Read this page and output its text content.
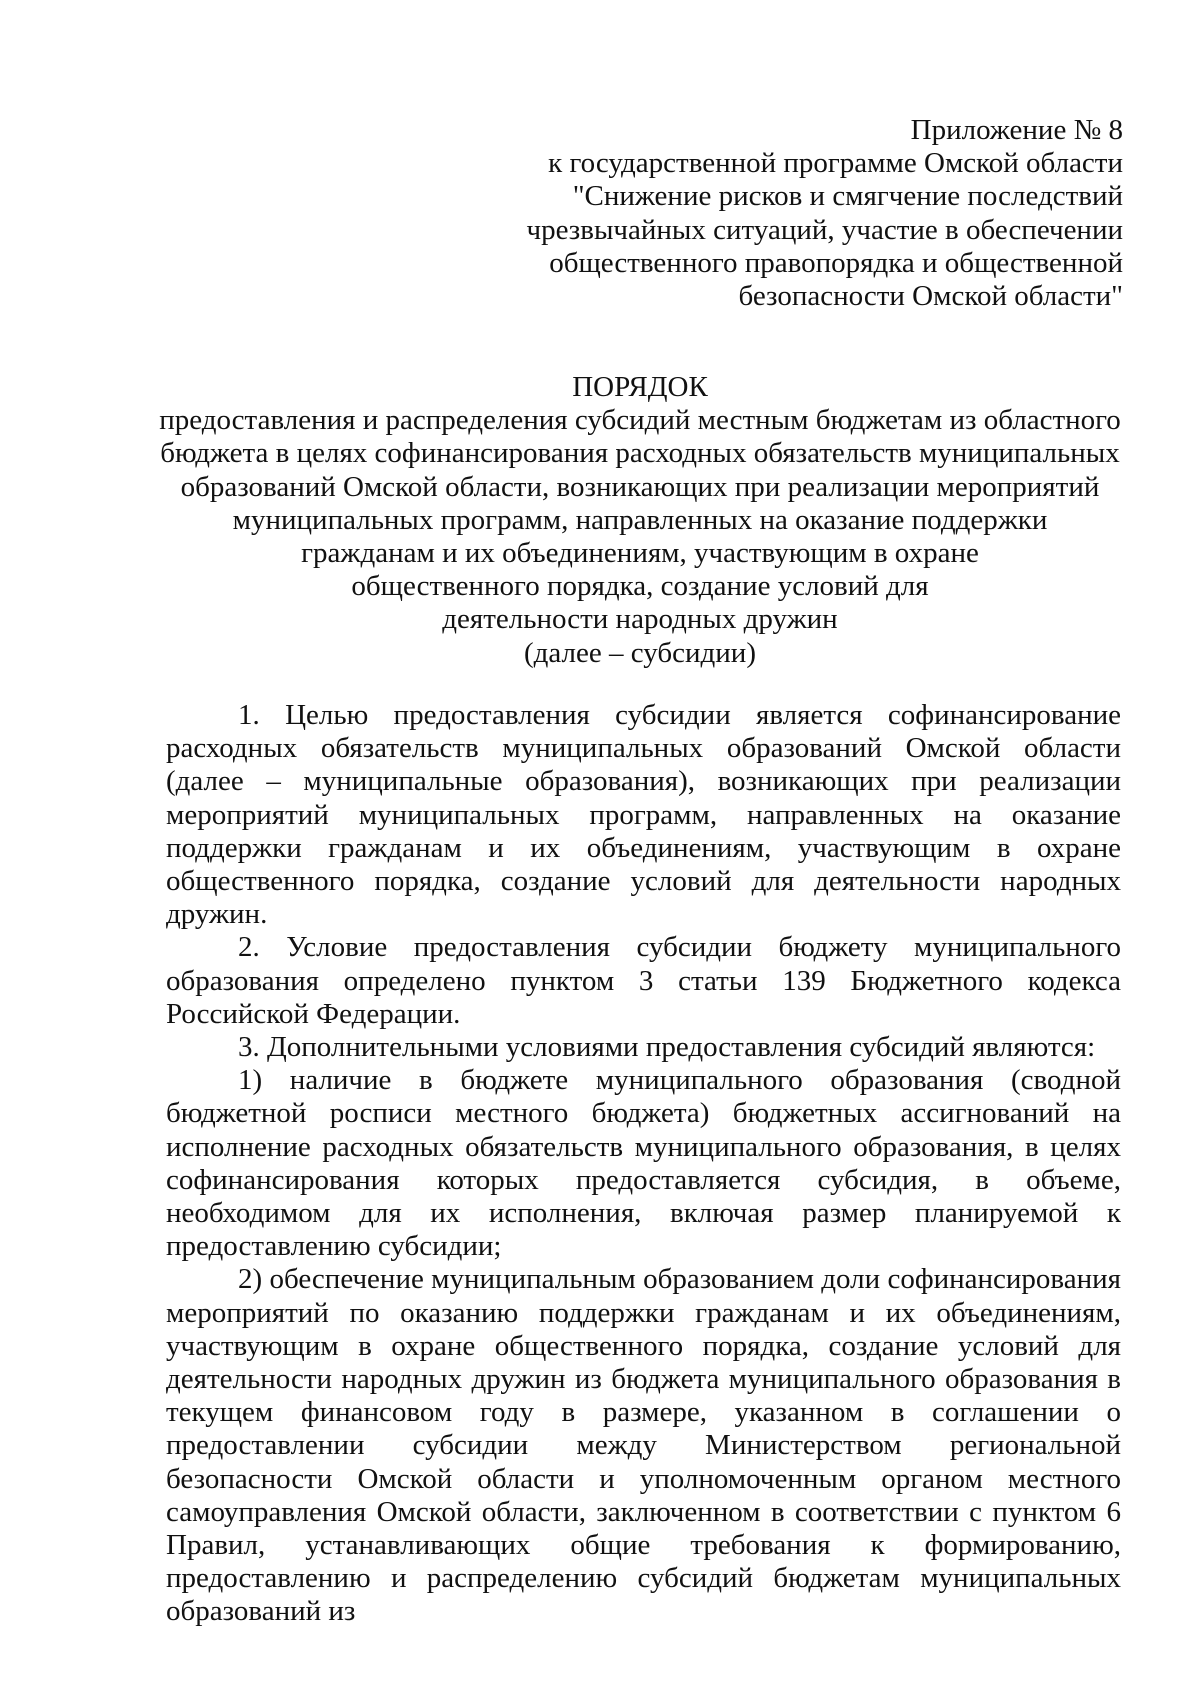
Приложение № 8
к государственной программе Омской области
"Снижение рисков и смягчение последствий
чрезвычайных ситуаций, участие в обеспечении
общественного правопорядка и общественной
безопасности Омской области"
ПОРЯДОК
предоставления и распределения субсидий местным бюджетам из областного
бюджета в целях софинансирования расходных обязательств муниципальных
образований Омской области, возникающих при реализации мероприятий
муниципальных программ, направленных на оказание поддержки
гражданам и их объединениям, участвующим в охране
общественного порядка, создание условий для
деятельности народных дружин
(далее – субсидии)

1. Целью предоставления субсидии является софинансирование расходных обязательств муниципальных образований Омской области (далее – муниципальные образования), возникающих при реализации мероприятий муниципальных программ, направленных на оказание поддержки гражданам и их объединениям, участвующим в охране общественного порядка, создание условий для деятельности народных дружин.

2. Условие предоставления субсидии бюджету муниципального образования определено пунктом 3 статьи 139 Бюджетного кодекса Российской Федерации.

3. Дополнительными условиями предоставления субсидий являются:

1) наличие в бюджете муниципального образования (сводной бюджетной росписи местного бюджета) бюджетных ассигнований на исполнение расходных обязательств муниципального образования, в целях софинансирования которых предоставляется субсидия, в объеме, необходимом для их исполнения, включая размер планируемой к предоставлению субсидии;

2) обеспечение муниципальным образованием доли софинансирования мероприятий по оказанию поддержки гражданам и их объединениям, участвующим в охране общественного порядка, создание условий для деятельности народных дружин из бюджета муниципального образования в текущем финансовом году в размере, указанном в соглашении о предоставлении субсидии между Министерством региональной безопасности Омской области и уполномоченным органом местного самоуправления Омской области, заключенном в соответствии с пунктом 6 Правил, устанавливающих общие требования к формированию, предоставлению и распределению субсидий бюджетам муниципальных образований из
